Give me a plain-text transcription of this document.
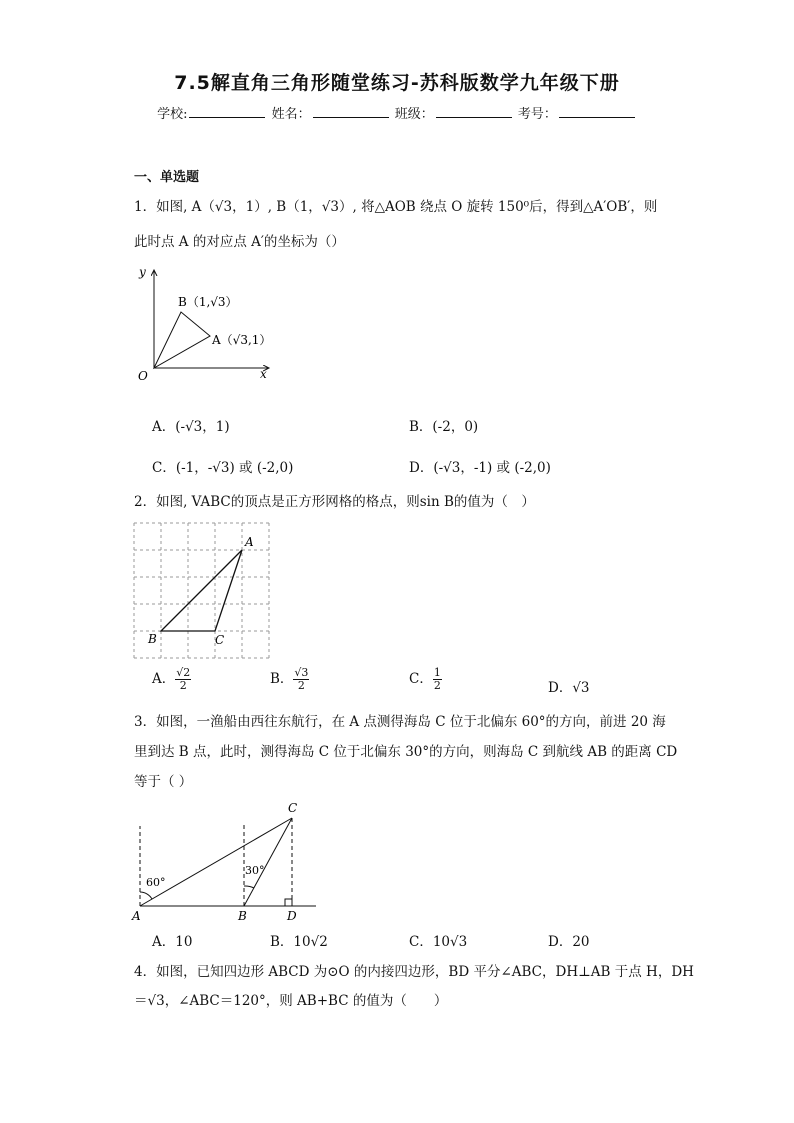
7.5解直角三角形随堂练习-苏科版数学九年级下册
学校:	姓名：	班级：	考号：
一、单选题
1．如图, A（√3，1）, B（1，√3）, 将△AOB 绕点 O 旋转 150⁰后，得到△A′OB′，则
此时点 A 的对应点 A′的坐标为（）
y
x
O
B（1,√3）
A（√3,1）
A．(-√3，1)	B．(-2，0)
C．(-1，-√3) 或 (-2,0)	D．(-√3，-1) 或 (-2,0)
2．如图, VABC的顶点是正方形网格的格点，则sin B的值为（　）
A
B	C
A． $\frac{√2}{2}$	B． $\frac{√3}{2}$	C． $\frac{1}{2}$	D．√3
3．如图，一渔船由西往东航行，在 A 点测得海岛 C 位于北偏东 60°的方向，前进 20 海
里到达 B 点，此时，测得海岛 C 位于北偏东 30°的方向，则海岛 C 到航线 AB 的距离 CD
等于（ ）
60°
30°
A	B
C
D
A．10	B．10√2	C．10√3	D．20
4．如图，已知四边形 ABCD 为⊙O 的内接四边形，BD 平分∠ABC，DH⊥AB 于点 H，DH
＝√3，∠ABC＝120°，则 AB+BC 的值为（　　）
